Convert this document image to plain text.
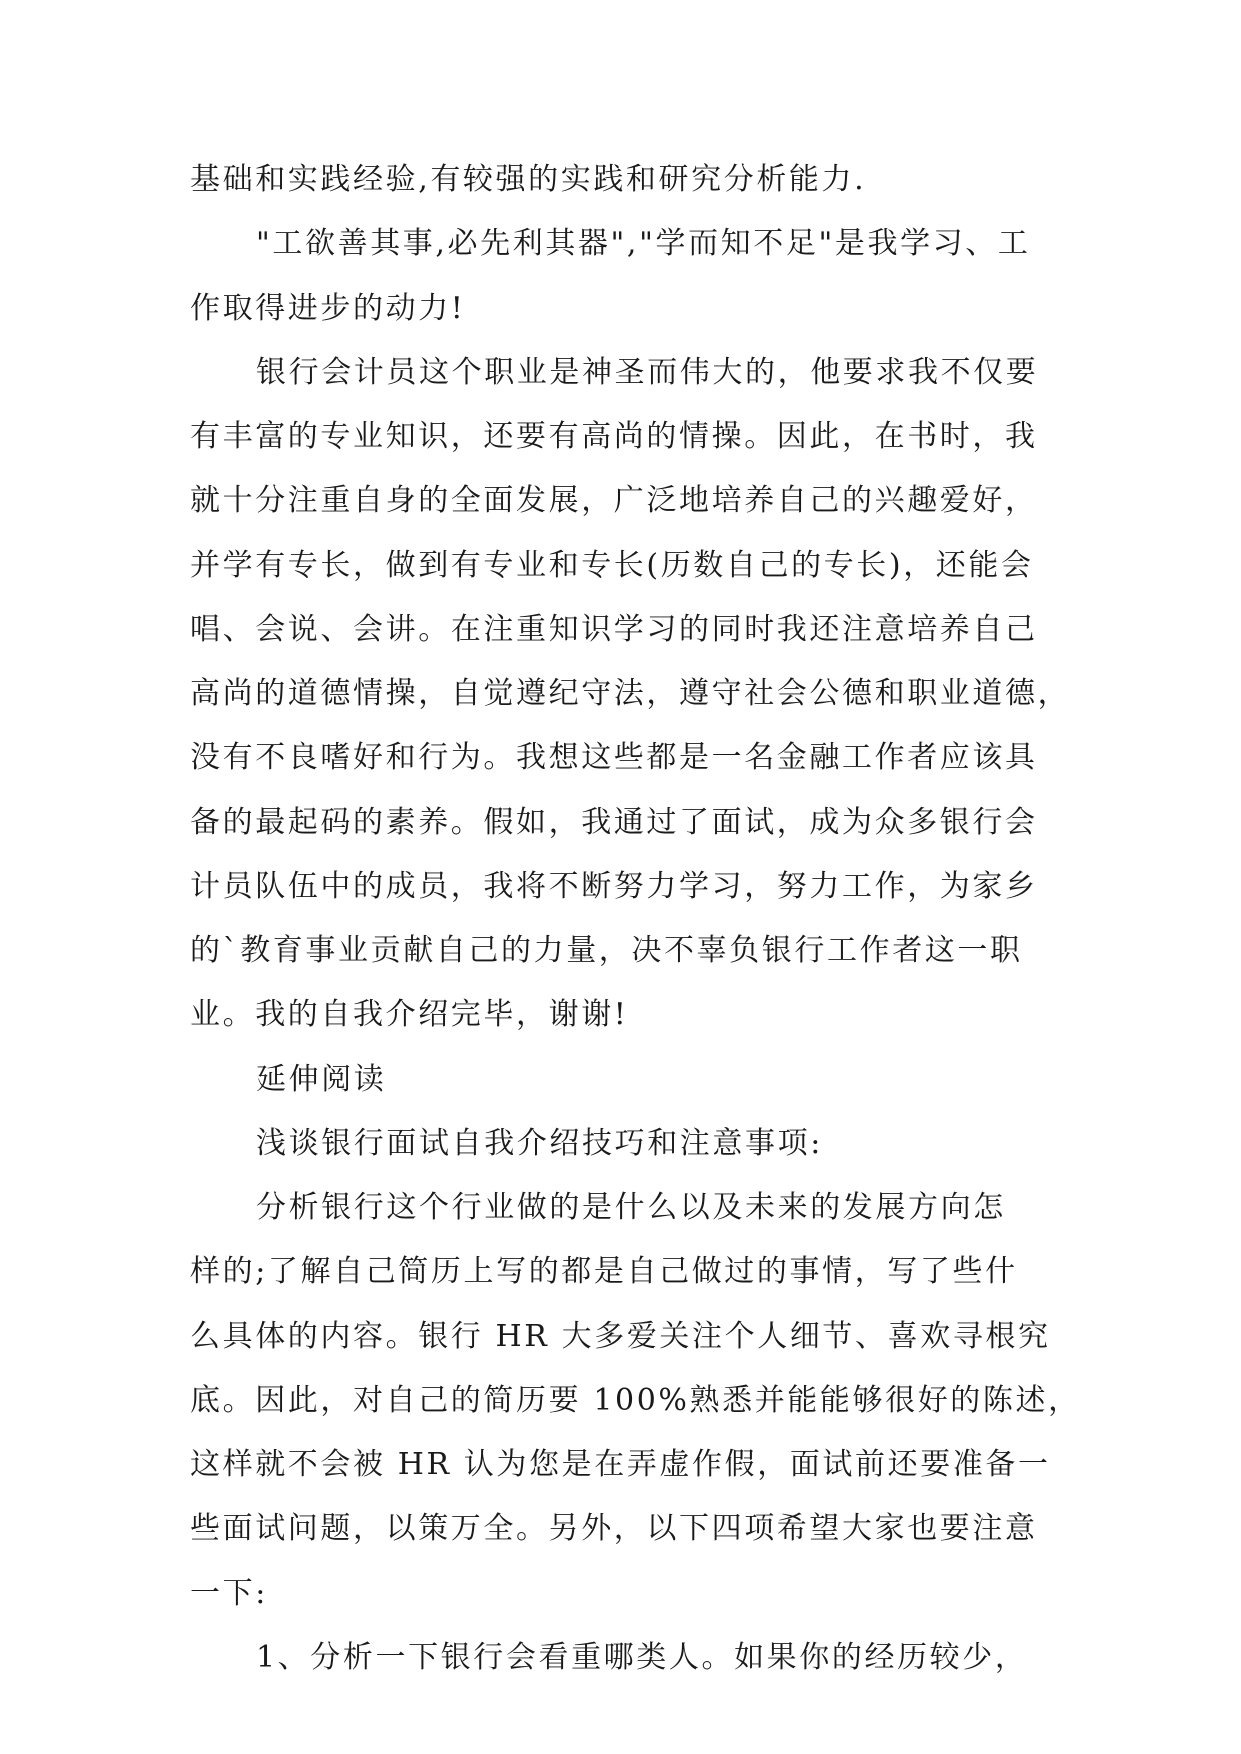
基础和实践经验,有较强的实践和研究分析能力.
"工欲善其事,必先利其器","学而知不足"是我学习、工
作取得进步的动力!
银行会计员这个职业是神圣而伟大的，他要求我不仅要
有丰富的专业知识，还要有高尚的情操。因此，在书时，我
就十分注重自身的全面发展，广泛地培养自己的兴趣爱好，
并学有专长，做到有专业和专长(历数自己的专长)，还能会
唱、会说、会讲。在注重知识学习的同时我还注意培养自己
高尚的道德情操，自觉遵纪守法，遵守社会公德和职业道德，
没有不良嗜好和行为。我想这些都是一名金融工作者应该具
备的最起码的素养。假如，我通过了面试，成为众多银行会
计员队伍中的成员，我将不断努力学习，努力工作，为家乡
的`教育事业贡献自己的力量，决不辜负银行工作者这一职
业。我的自我介绍完毕，谢谢!
延伸阅读
浅谈银行面试自我介绍技巧和注意事项:
分析银行这个行业做的是什么以及未来的发展方向怎
样的;了解自己简历上写的都是自己做过的事情，写了些什
么具体的内容。银行 HR 大多爱关注个人细节、喜欢寻根究
底。因此，对自己的简历要 100%熟悉并能能够很好的陈述，
这样就不会被 HR 认为您是在弄虚作假，面试前还要准备一
些面试问题，以策万全。另外，以下四项希望大家也要注意
一下:
1、分析一下银行会看重哪类人。如果你的经历较少，
